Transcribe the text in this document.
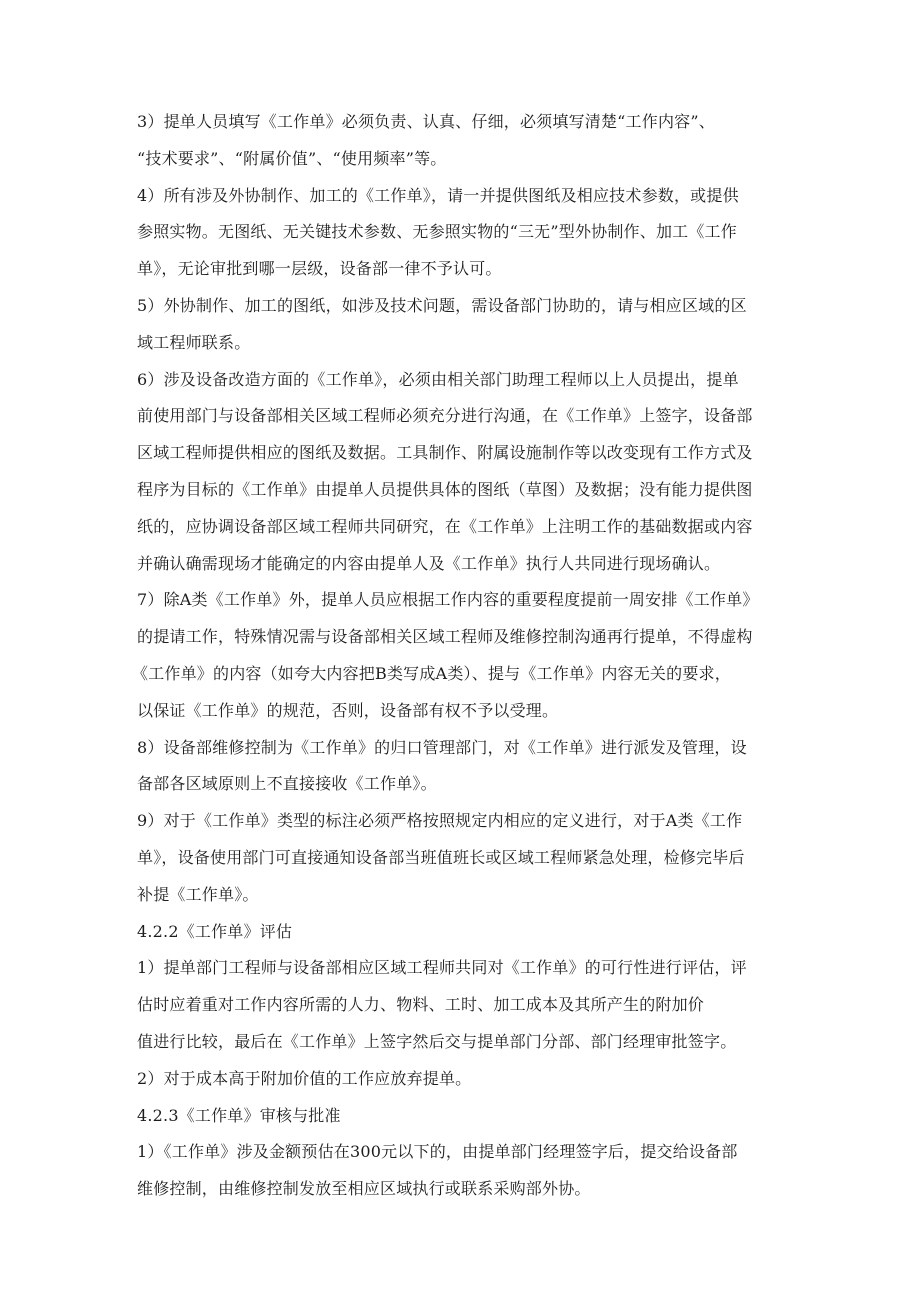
3）提单人员填写《工作单》必须负责、认真、仔细，必须填写清楚“工作内容”、
“技术要求”、“附属价值”、“使用频率”等。
4）所有涉及外协制作、加工的《工作单》，请一并提供图纸及相应技术参数，或提供
参照实物。无图纸、无关键技术参数、无参照实物的“三无”型外协制作、加工《工作
单》，无论审批到哪一层级，设备部一律不予认可。
5）外协制作、加工的图纸，如涉及技术问题，需设备部门协助的，请与相应区域的区
域工程师联系。
6）涉及设备改造方面的《工作单》，必须由相关部门助理工程师以上人员提出，提单
前使用部门与设备部相关区域工程师必须充分进行沟通，在《工作单》上签字，设备部
区域工程师提供相应的图纸及数据。工具制作、附属设施制作等以改变现有工作方式及
程序为目标的《工作单》由提单人员提供具体的图纸（草图）及数据；没有能力提供图
纸的，应协调设备部区域工程师共同研究，在《工作单》上注明工作的基础数据或内容
并确认确需现场才能确定的内容由提单人及《工作单》执行人共同进行现场确认。
7）除A类《工作单》外，提单人员应根据工作内容的重要程度提前一周安排《工作单》
的提请工作，特殊情况需与设备部相关区域工程师及维修控制沟通再行提单，不得虚构
《工作单》的内容（如夸大内容把B类写成A类）、提与《工作单》内容无关的要求，
以保证《工作单》的规范，否则，设备部有权不予以受理。
8）设备部维修控制为《工作单》的归口管理部门，对《工作单》进行派发及管理，设
备部各区域原则上不直接接收《工作单》。
9）对于《工作单》类型的标注必须严格按照规定内相应的定义进行，对于A类《工作
单》，设备使用部门可直接通知设备部当班值班长或区域工程师紧急处理，检修完毕后
补提《工作单》。
4.2.2《工作单》评估
1）提单部门工程师与设备部相应区域工程师共同对《工作单》的可行性进行评估，评
估时应着重对工作内容所需的人力、物料、工时、加工成本及其所产生的附加价
值进行比较，最后在《工作单》上签字然后交与提单部门分部、部门经理审批签字。
2）对于成本高于附加价值的工作应放弃提单。
4.2.3《工作单》审核与批准
1）《工作单》涉及金额预估在300元以下的，由提单部门经理签字后，提交给设备部
维修控制，由维修控制发放至相应区域执行或联系采购部外协。
